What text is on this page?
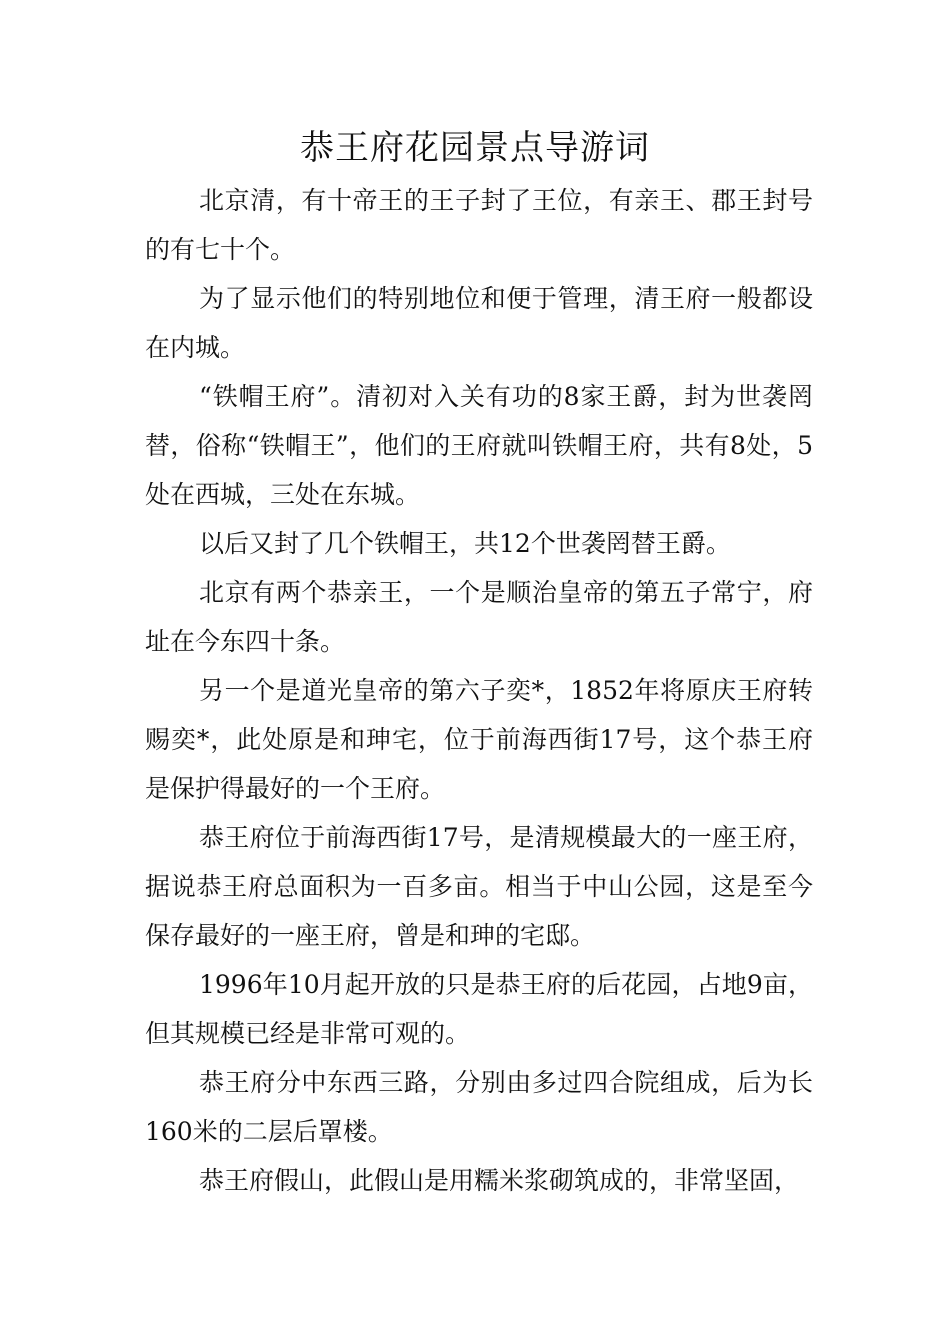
恭王府花园景点导游词

北京清，有十帝王的王子封了王位，有亲王、郡王封号的有七十个。

为了显示他们的特别地位和便于管理，清王府一般都设在内城。

“铁帽王府”。清初对入关有功的8家王爵，封为世袭罔替，俗称“铁帽王”，他们的王府就叫铁帽王府，共有8处，5处在西城，三处在东城。

以后又封了几个铁帽王，共12个世袭罔替王爵。

北京有两个恭亲王，一个是顺治皇帝的第五子常宁，府址在今东四十条。

另一个是道光皇帝的第六子奕*，1852年将原庆王府转赐奕*，此处原是和珅宅，位于前海西街17号，这个恭王府是保护得最好的一个王府。

恭王府位于前海西街17号，是清规模最大的一座王府，据说恭王府总面积为一百多亩。相当于中山公园，这是至今保存最好的一座王府，曾是和珅的宅邸。

1996年10月起开放的只是恭王府的后花园，占地9亩，但其规模已经是非常可观的。

恭王府分中东西三路，分别由多过四合院组成，后为长160米的二层后罩楼。

恭王府假山，此假山是用糯米浆砌筑成的，非常坚固，
